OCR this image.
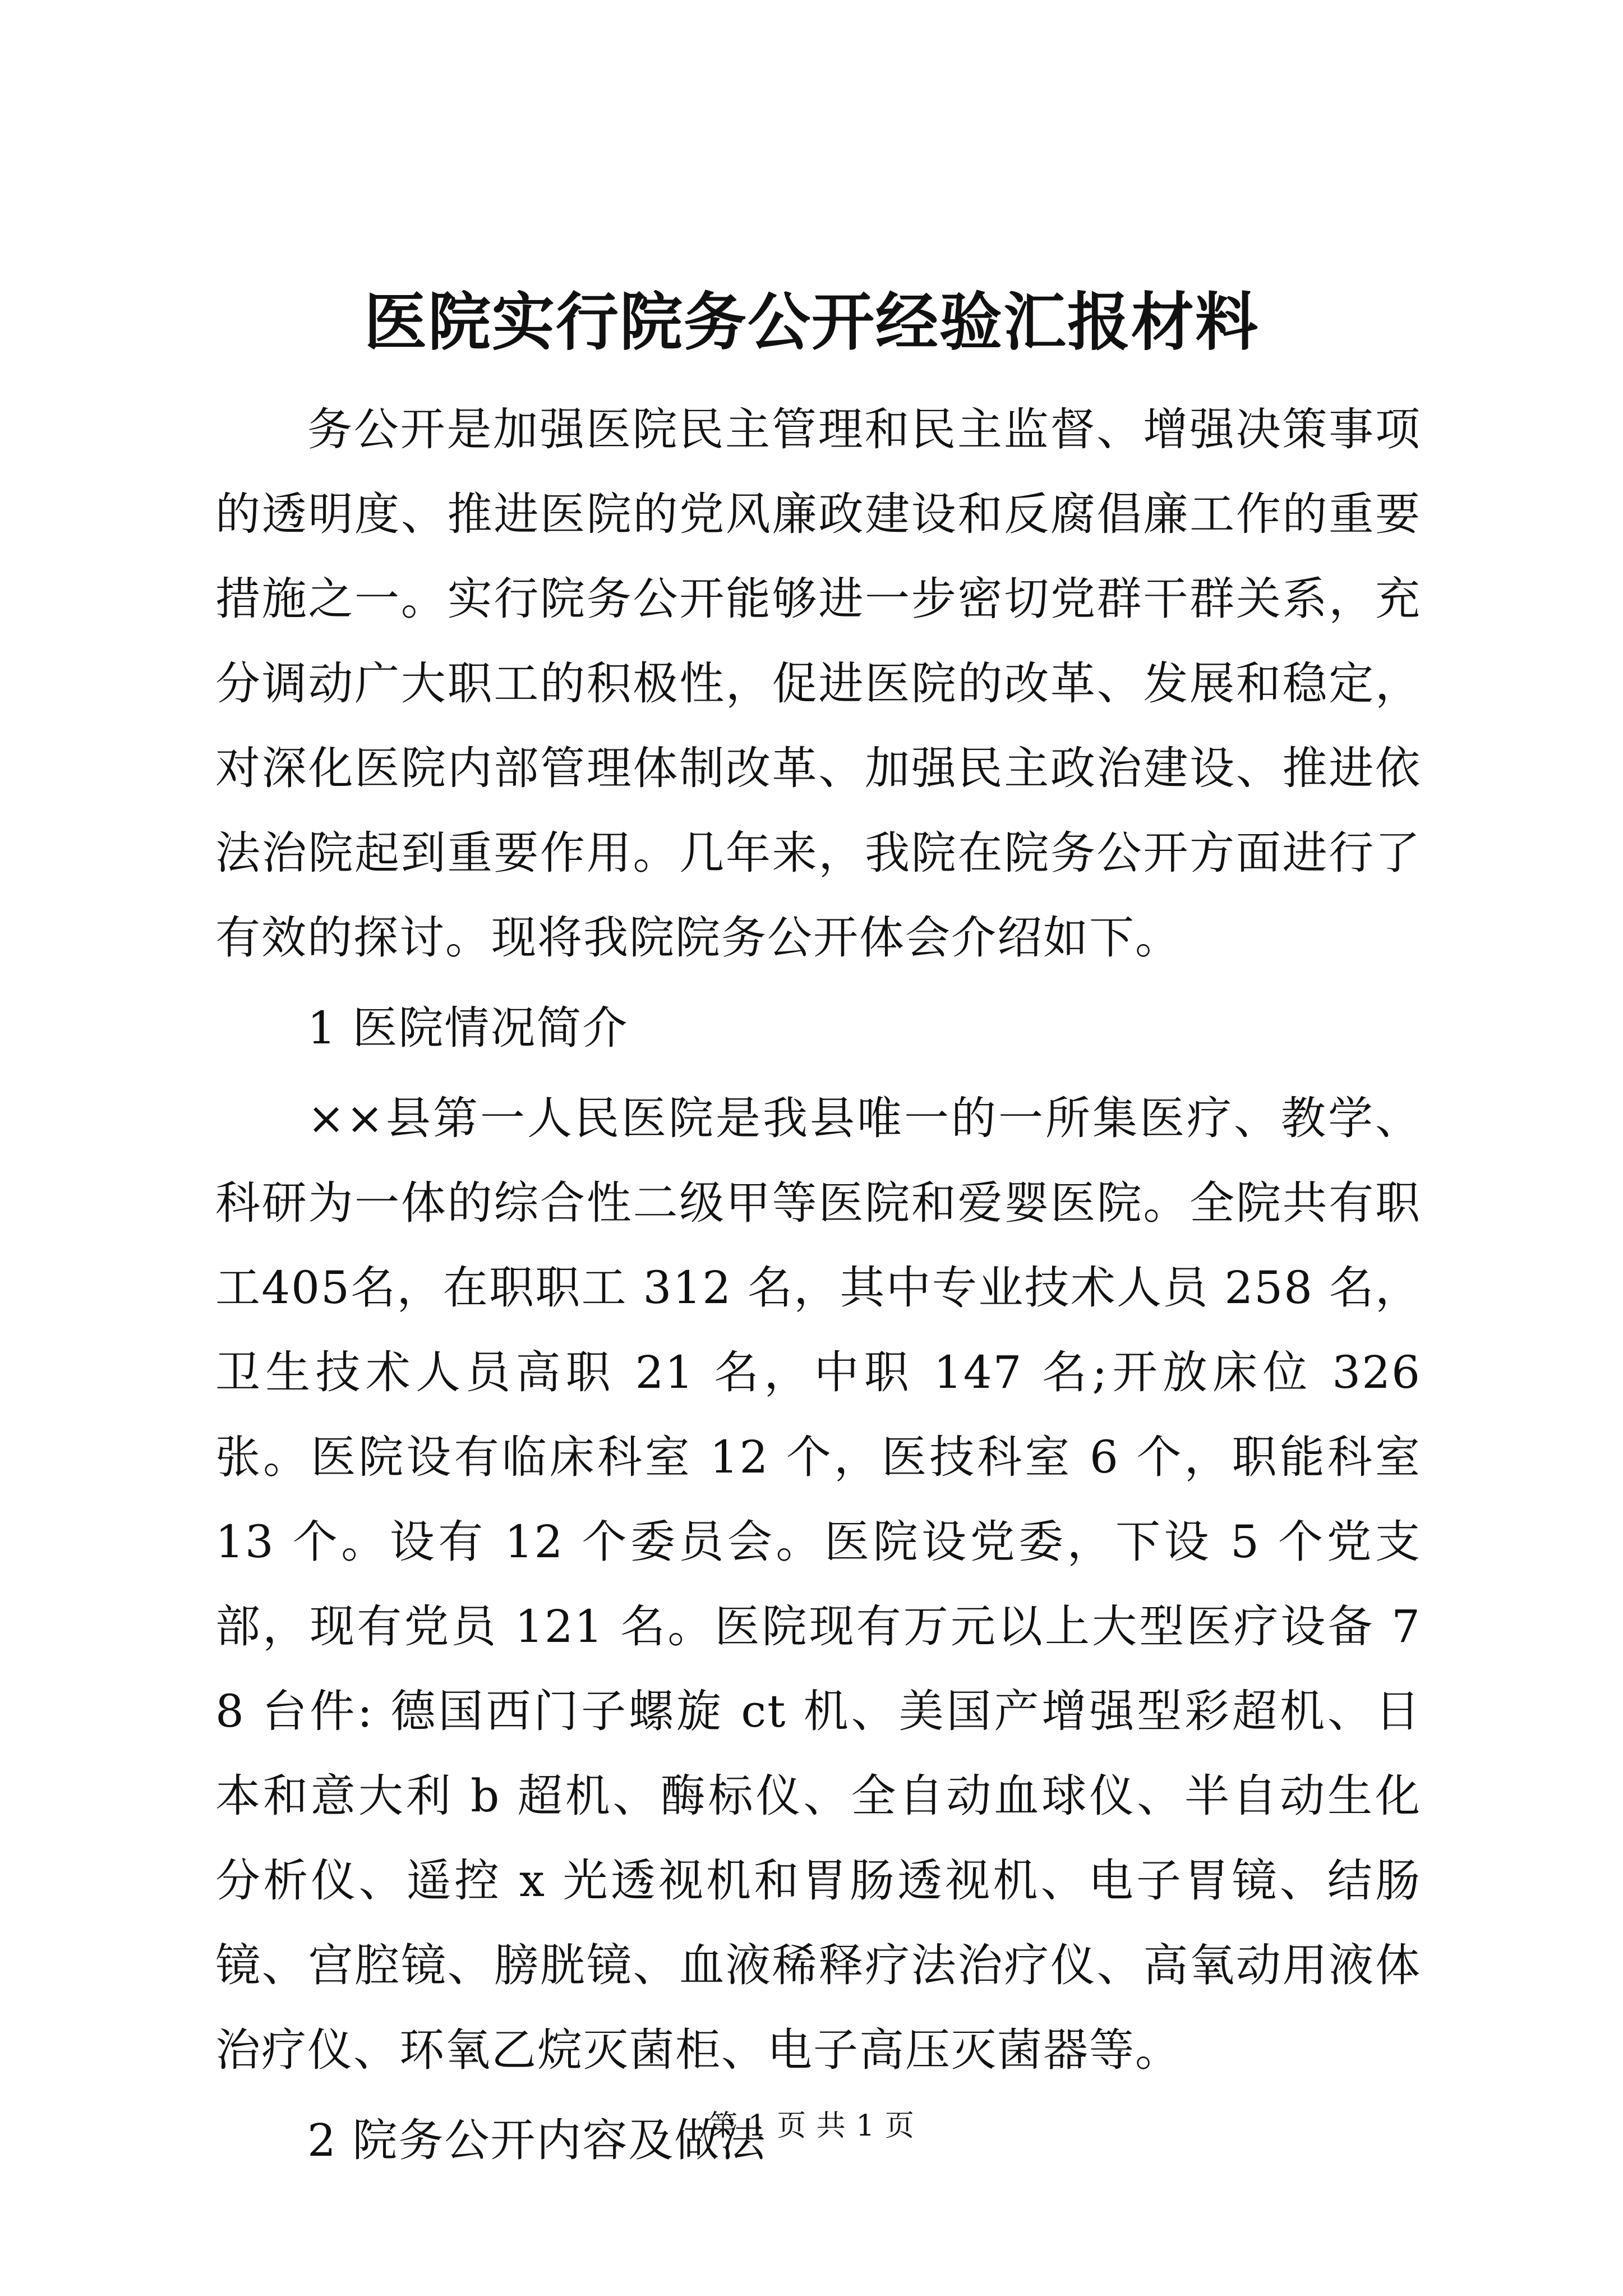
医院实行院务公开经验汇报材料

务公开是加强医院民主管理和民主监督、增强决策事项的透明度、推进医院的党风廉政建设和反腐倡廉工作的重要措施之一。实行院务公开能够进一步密切党群干群关系，充分调动广大职工的积极性，促进医院的改革、发展和稳定，对深化医院内部管理体制改革、加强民主政治建设、推进依法治院起到重要作用。几年来，我院在院务公开方面进行了有效的探讨。现将我院院务公开体会介绍如下。

1 医院情况简介

××县第一人民医院是我县唯一的一所集医疗、教学、科研为一体的综合性二级甲等医院和爱婴医院。全院共有职工405名，在职职工 312 名，其中专业技术人员 258 名，卫生技术人员高职 21 名，中职 147 名;开放床位 326 张。医院设有临床科室 12 个，医技科室 6 个，职能科室 13 个。设有 12 个委员会。医院设党委，下设 5 个党支部，现有党员 121 名。医院现有万元以上大型医疗设备 78 台件: 德国西门子螺旋 ct 机、美国产增强型彩超机、日本和意大利 b 超机、酶标仪、全自动血球仪、半自动生化分析仪、遥控 x 光透视机和胃肠透视机、电子胃镜、结肠镜、宫腔镜、膀胱镜、血液稀释疗法治疗仪、高氧动用液体治疗仪、环氧乙烷灭菌柜、电子高压灭菌器等。

2 院务公开内容及做法

第 1 页 共 1 页
